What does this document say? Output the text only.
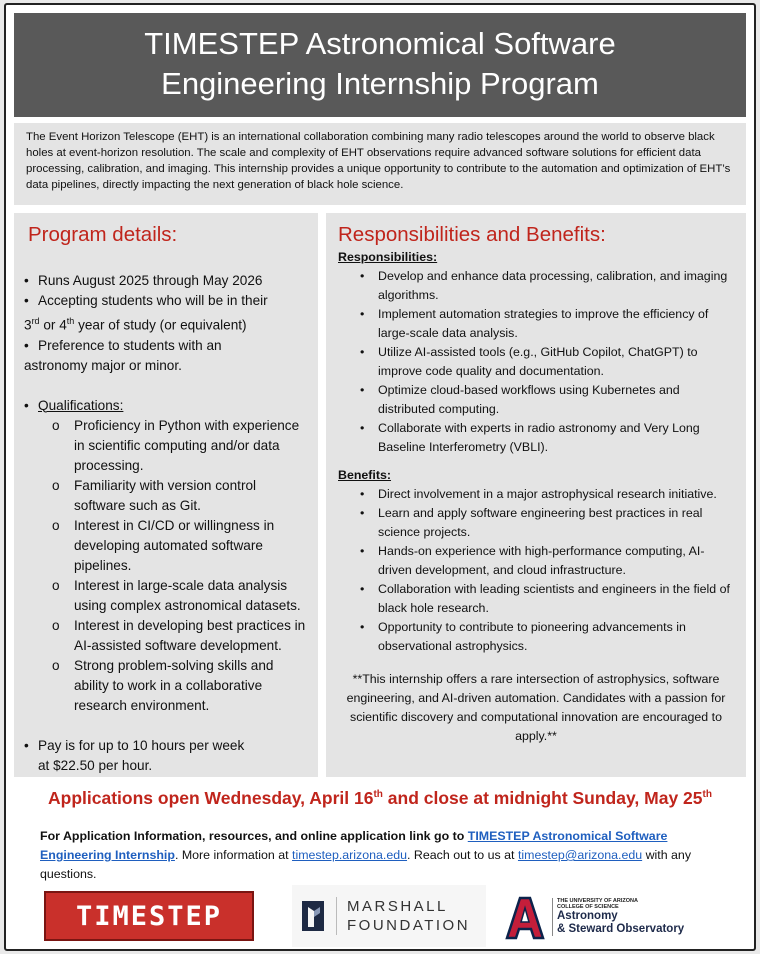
TIMESTEP Astronomical Software
Engineering Internship Program
The Event Horizon Telescope (EHT) is an international collaboration combining many radio telescopes around the world to observe black holes at event-horizon resolution. The scale and complexity of EHT observations require advanced software solutions for efficient data processing, calibration, and imaging. This internship provides a unique opportunity to contribute to the automation and optimization of EHT’s data pipelines, directly impacting the next generation of black hole science.
Program details:
• Runs August 2025 through May 2026
• Accepting students who will be in their
3rd or 4th year of study (or equivalent)
• Preference to students with an
astronomy major or minor.
• Qualifications:
o Proficiency in Python with experience in scientific computing and/or data processing.
o Familiarity with version control software such as Git.
o Interest in CI/CD or willingness in developing automated software pipelines.
o Interest in large-scale data analysis using complex astronomical datasets.
o Interest in developing best practices in AI-assisted software development.
o Strong problem-solving skills and ability to work in a collaborative research environment.
• Pay is for up to 10 hours per week
at $22.50 per hour.
Responsibilities and Benefits:
Responsibilities:
• Develop and enhance data processing, calibration, and imaging algorithms.
• Implement automation strategies to improve the efficiency of large-scale data analysis.
• Utilize AI-assisted tools (e.g., GitHub Copilot, ChatGPT) to improve code quality and documentation.
• Optimize cloud-based workflows using Kubernetes and distributed computing.
• Collaborate with experts in radio astronomy and Very Long Baseline Interferometry (VBLI).
Benefits:
• Direct involvement in a major astrophysical research initiative.
• Learn and apply software engineering best practices in real science projects.
• Hands-on experience with high-performance computing, AI-driven development, and cloud infrastructure.
• Collaboration with leading scientists and engineers in the field of black hole research.
• Opportunity to contribute to pioneering advancements in observational astrophysics.
**This internship offers a rare intersection of astrophysics, software engineering, and AI-driven automation. Candidates with a passion for scientific discovery and computational innovation are encouraged to apply.**
Applications open Wednesday, April 16th and close at midnight Sunday, May 25th
For Application Information, resources, and online application link go to TIMESTEP Astronomical Software Engineering Internship. More information at timestep.arizona.edu. Reach out to us at timestep@arizona.edu with any questions.
TIMESTEP	MARSHALL
FOUNDATION
THE UNIVERSITY OF ARIZONA
COLLEGE OF SCIENCE
Astronomy
& Steward Observatory
